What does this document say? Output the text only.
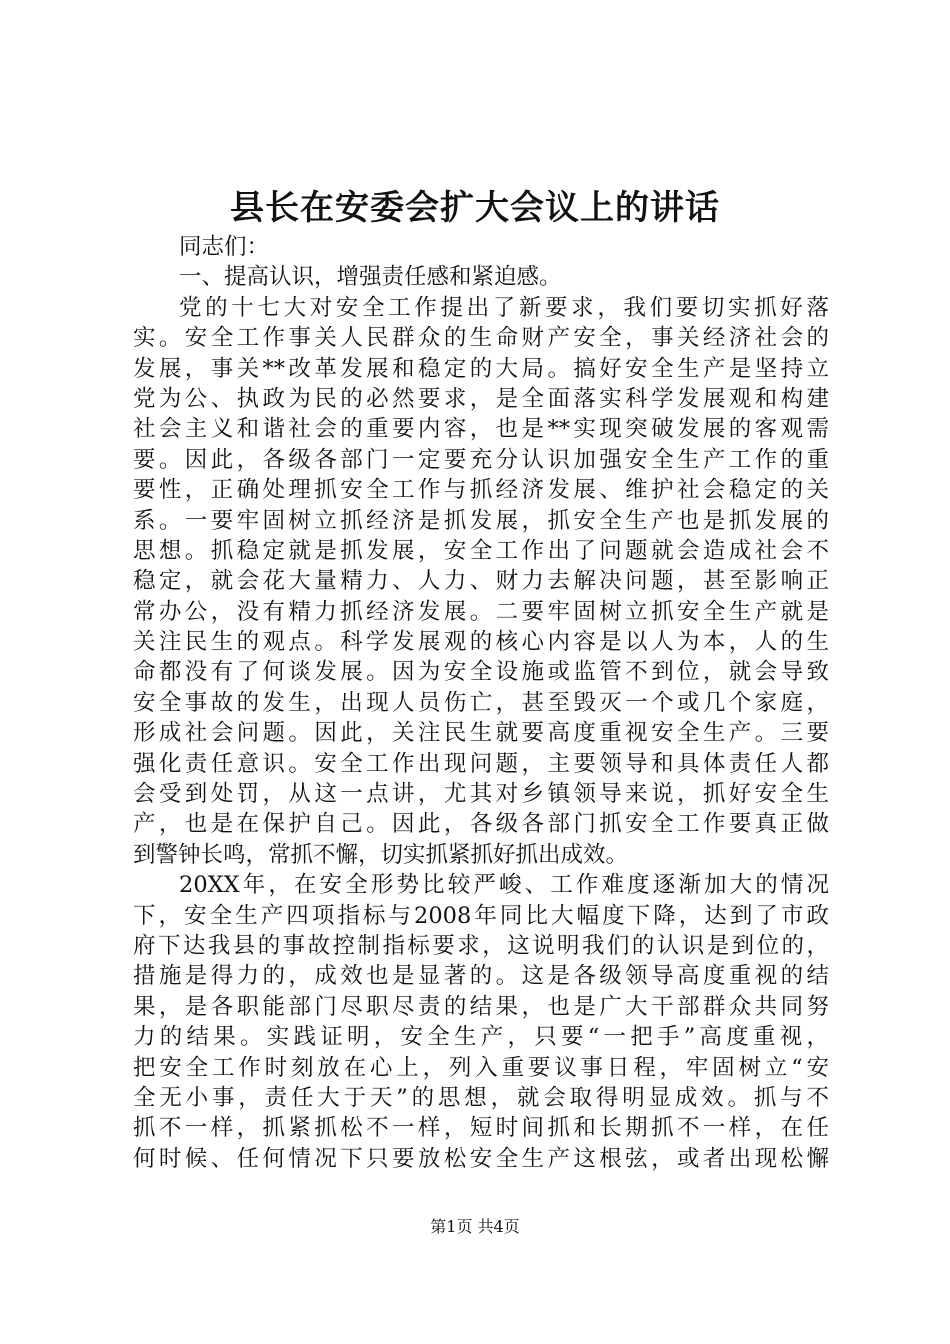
县长在安委会扩大会议上的讲话
同志们：
一、提高认识，增强责任感和紧迫感。
党的十七大对安全工作提出了新要求，我们要切实抓好落
实。安全工作事关人民群众的生命财产安全，事关经济社会的
发展，事关**改革发展和稳定的大局。搞好安全生产是坚持立
党为公、执政为民的必然要求，是全面落实科学发展观和构建
社会主义和谐社会的重要内容，也是**实现突破发展的客观需
要。因此，各级各部门一定要充分认识加强安全生产工作的重
要性，正确处理抓安全工作与抓经济发展、维护社会稳定的关
系。一要牢固树立抓经济是抓发展，抓安全生产也是抓发展的
思想。抓稳定就是抓发展，安全工作出了问题就会造成社会不
稳定，就会花大量精力、人力、财力去解决问题，甚至影响正
常办公，没有精力抓经济发展。二要牢固树立抓安全生产就是
关注民生的观点。科学发展观的核心内容是以人为本，人的生
命都没有了何谈发展。因为安全设施或监管不到位，就会导致
安全事故的发生，出现人员伤亡，甚至毁灭一个或几个家庭，
形成社会问题。因此，关注民生就要高度重视安全生产。三要
强化责任意识。安全工作出现问题，主要领导和具体责任人都
会受到处罚，从这一点讲，尤其对乡镇领导来说，抓好安全生
产，也是在保护自己。因此，各级各部门抓安全工作要真正做
到警钟长鸣，常抓不懈，切实抓紧抓好抓出成效。
20XX年，在安全形势比较严峻、工作难度逐渐加大的情况
下，安全生产四项指标与2008年同比大幅度下降，达到了市政
府下达我县的事故控制指标要求，这说明我们的认识是到位的，
措施是得力的，成效也是显著的。这是各级领导高度重视的结
果，是各职能部门尽职尽责的结果，也是广大干部群众共同努
力的结果。实践证明，安全生产，只要“一把手”高度重视，
把安全工作时刻放在心上，列入重要议事日程，牢固树立“安
全无小事，责任大于天”的思想，就会取得明显成效。抓与不
抓不一样，抓紧抓松不一样，短时间抓和长期抓不一样，在任
何时候、任何情况下只要放松安全生产这根弦，或者出现松懈
第1页 共4页
